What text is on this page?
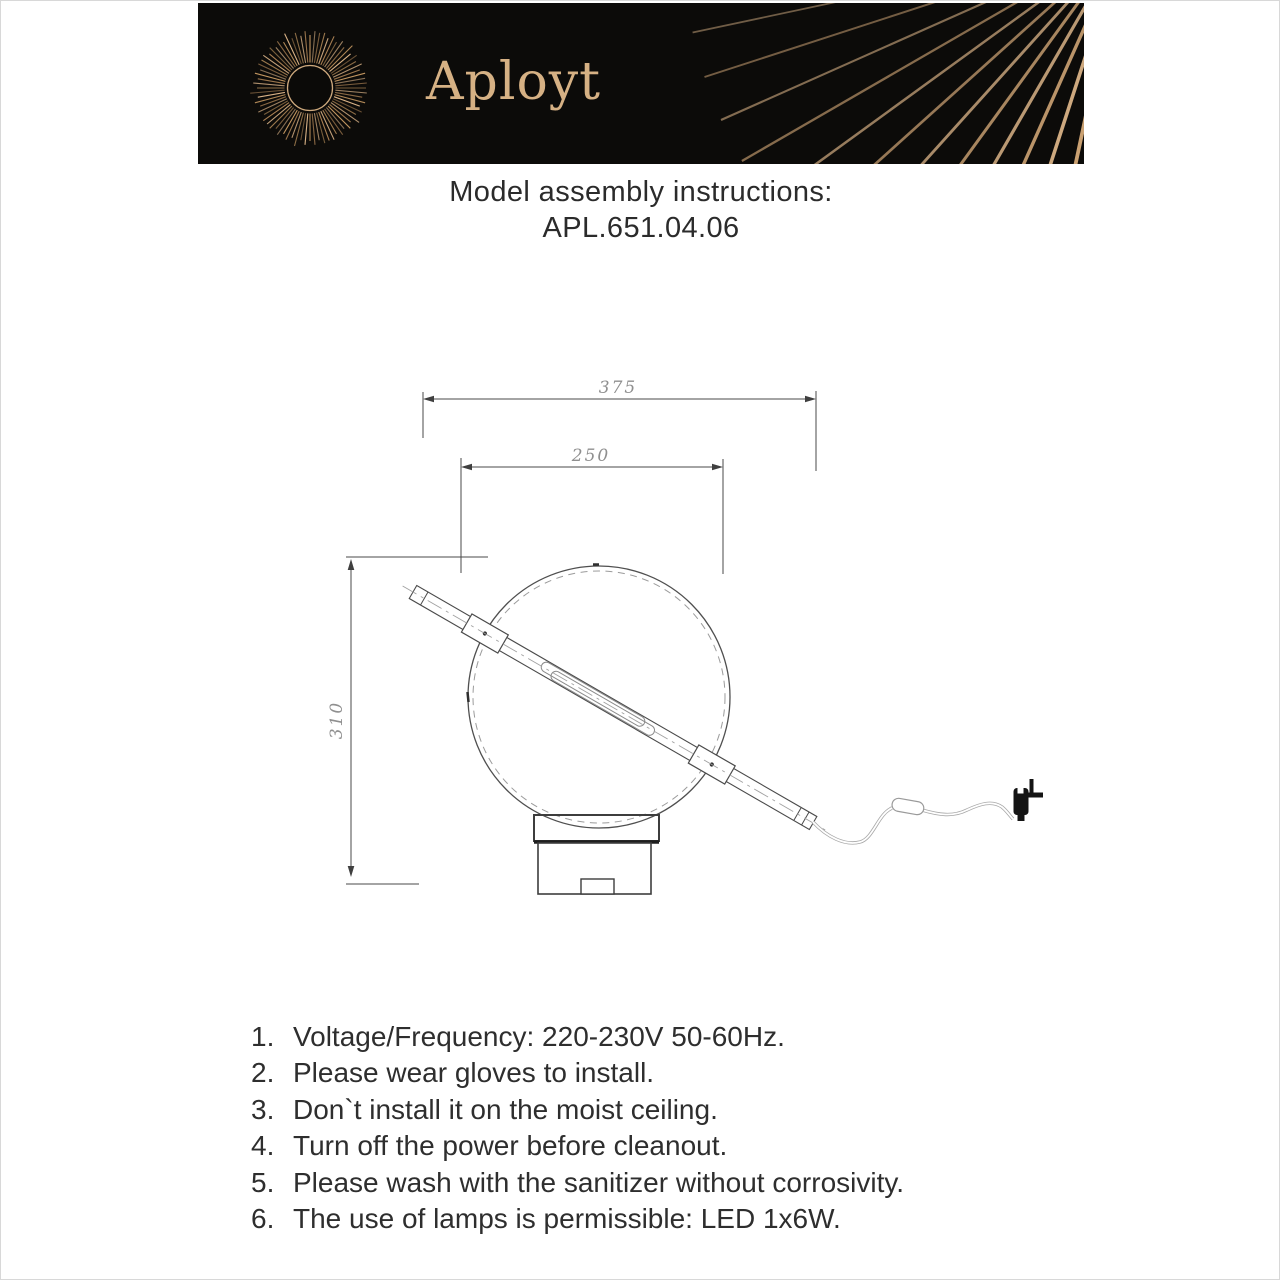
Aployt
Model assembly instructions:
APL.651.04.06
375
250
310
1. Voltage/Frequency: 220-230V 50-60Hz.
2. Please wear gloves to install.
3. Don`t install it on the moist ceiling.
4. Turn off the power before cleanout.
5. Please wash with the sanitizer without corrosivity.
6. The use of lamps is permissible: LED 1x6W.
